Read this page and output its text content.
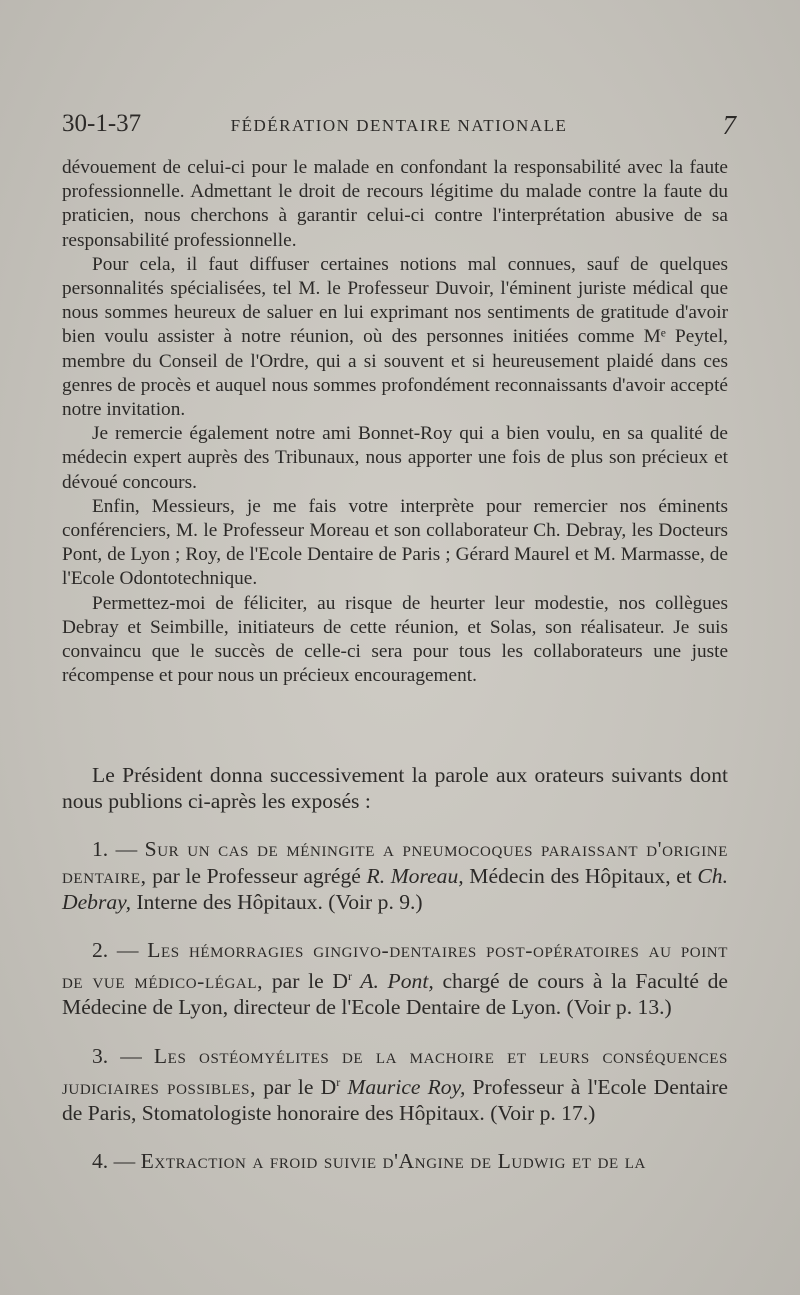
30-1-37	FÉDÉRATION DENTAIRE NATIONALE	7

dévouement de celui-ci pour le malade en confondant la responsabilité avec la faute professionnelle. Admettant le droit de recours légitime du malade contre la faute du praticien, nous cherchons à garantir celui-ci contre l'interprétation abusive de sa responsabilité professionnelle.

Pour cela, il faut diffuser certaines notions mal connues, sauf de quelques personnalités spécialisées, tel M. le Professeur Duvoir, l'éminent juriste médical que nous sommes heureux de saluer en lui exprimant nos sentiments de gratitude d'avoir bien voulu assister à notre réunion, où des personnes initiées comme Mᵉ Peytel, membre du Conseil de l'Ordre, qui a si souvent et si heureusement plaidé dans ces genres de procès et auquel nous sommes profondément reconnaissants d'avoir accepté notre invitation.

Je remercie également notre ami Bonnet-Roy qui a bien voulu, en sa qualité de médecin expert auprès des Tribunaux, nous apporter une fois de plus son précieux et dévoué concours.

Enfin, Messieurs, je me fais votre interprète pour remercier nos éminents conférenciers, M. le Professeur Moreau et son collaborateur Ch. Debray, les Docteurs Pont, de Lyon ; Roy, de l'Ecole Dentaire de Paris ; Gérard Maurel et M. Marmasse, de l'Ecole Odontotechnique.

Permettez-moi de féliciter, au risque de heurter leur modestie, nos collègues Debray et Seimbille, initiateurs de cette réunion, et Solas, son réalisateur. Je suis convaincu que le succès de celle-ci sera pour tous les collaborateurs une juste récompense et pour nous un précieux encouragement.

Le Président donna successivement la parole aux orateurs suivants dont nous publions ci-après les exposés :

1. — Sur un cas de méningite a pneumocoques paraissant d'origine dentaire, par le Professeur agrégé R. Moreau, Médecin des Hôpitaux, et Ch. Debray, Interne des Hôpitaux. (Voir p. 9.)

2. — Les hémorragies gingivo-dentaires post-opératoires au point de vue médico-légal, par le $D^r$ A. Pont, chargé de cours à la Faculté de Médecine de Lyon, directeur de l'Ecole Dentaire de Lyon. (Voir p. 13.)

3. — Les ostéomyélites de la machoire et leurs conséquences judiciaires possibles, par le $D^r$ Maurice Roy, Professeur à l'Ecole Dentaire de Paris, Stomatologiste honoraire des Hôpitaux. (Voir p. 17.)

4. — Extraction a froid suivie d'Angine de Ludwig et de la
